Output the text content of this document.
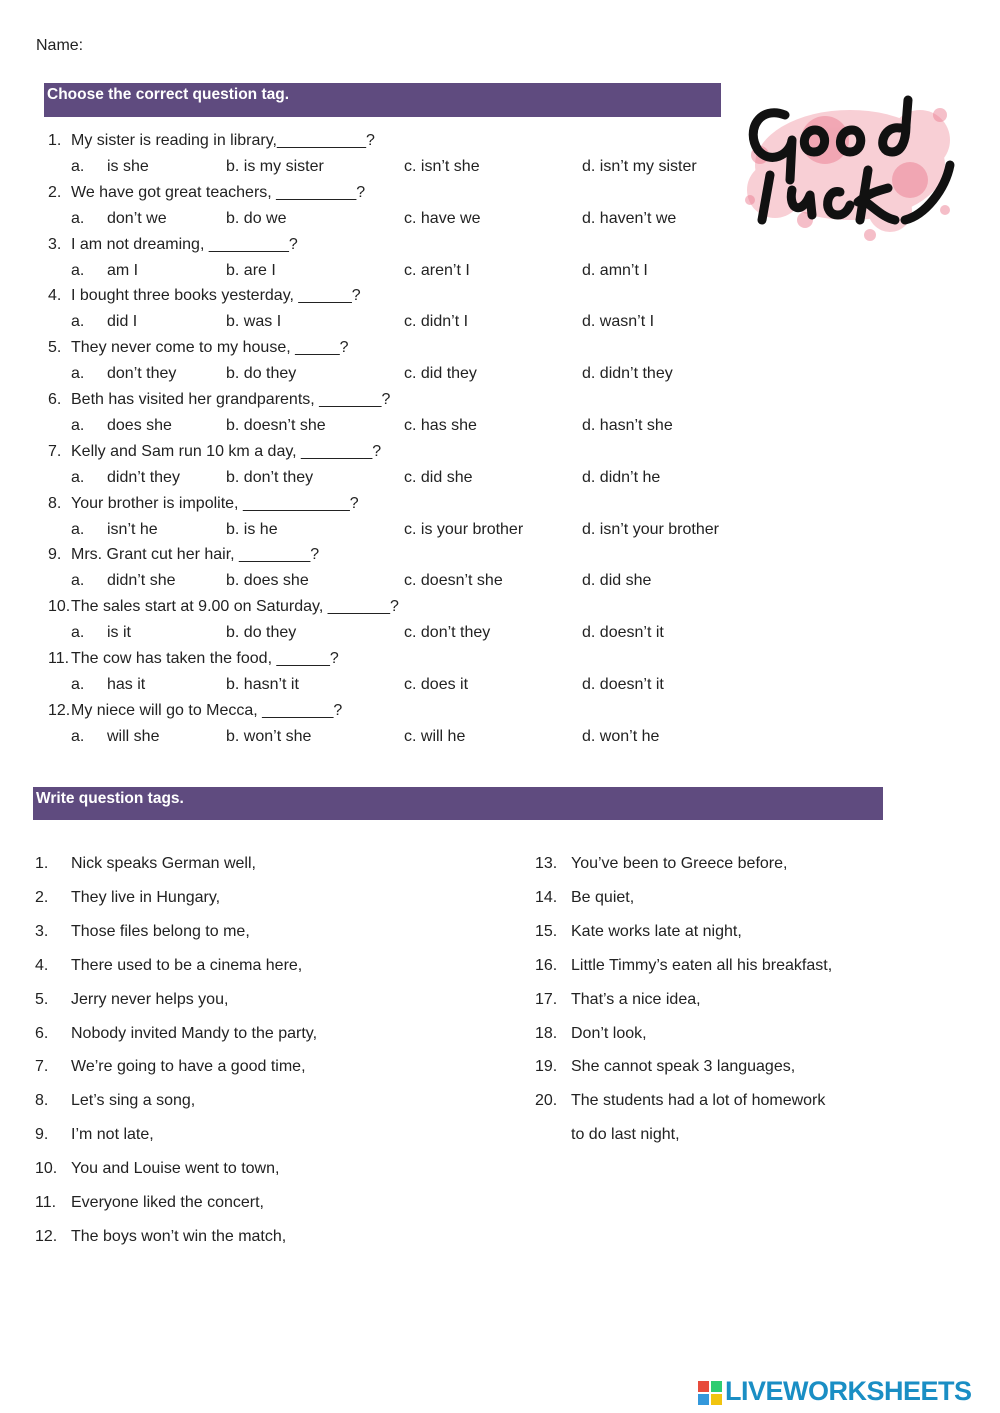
Name:
Choose the correct question tag.
1. My sister is reading in library,__________?
a. is she	b. is my sister	c. isn’t she	d. isn’t my sister
2. We have got great teachers, _________?
a. don’t we	b. do we	c. have we	d. haven’t we
3. I am not dreaming, _________?
a. am I	b. are I	c. aren’t I	d. amn’t I
4. I bought three books yesterday, ______?
a. did I	b. was I	c. didn’t I	d. wasn’t I
5. They never come to my house, _____?
a. don’t they	b. do they	c. did they	d. didn’t they
6. Beth has visited her grandparents, _______?
a. does she	b. doesn’t she	c. has she	d. hasn’t she
7. Kelly and Sam run 10 km a day, ________?
a. didn’t they	b. don’t they	c. did she	d. didn’t he
8. Your brother is impolite, ____________?
a. isn’t he	b. is he	c. is your brother	d. isn’t your brother
9. Mrs. Grant cut her hair, ________?
a. didn’t she	b. does she	c. doesn’t she	d. did she
10. The sales start at 9.00 on Saturday, _______?
a. is it	b. do they	c. don’t they	d. doesn’t it
11. The cow has taken the food, ______?
a. has it	b. hasn’t it	c. does it	d. doesn’t it
12. My niece will go to Mecca, ________?
a. will she	b. won’t she	c. will he	d. won’t he
Write question tags.
1. Nick speaks German well,
2. They live in Hungary,
3. Those files belong to me,
4. There used to be a cinema here,
5. Jerry never helps you,
6. Nobody invited Mandy to the party,
7. We’re going to have a good time,
8. Let’s sing a song,
9. I’m not late,
10. You and Louise went to town,
11. Everyone liked the concert,
12. The boys won’t win the match,
13. You’ve been to Greece before,
14. Be quiet,
15. Kate works late at night,
16. Little Timmy’s eaten all his breakfast,
17. That’s a nice idea,
18. Don’t look,
19. She cannot speak 3 languages,
20. The students had a lot of homework
to do last night,
LIVEWORKSHEETS
